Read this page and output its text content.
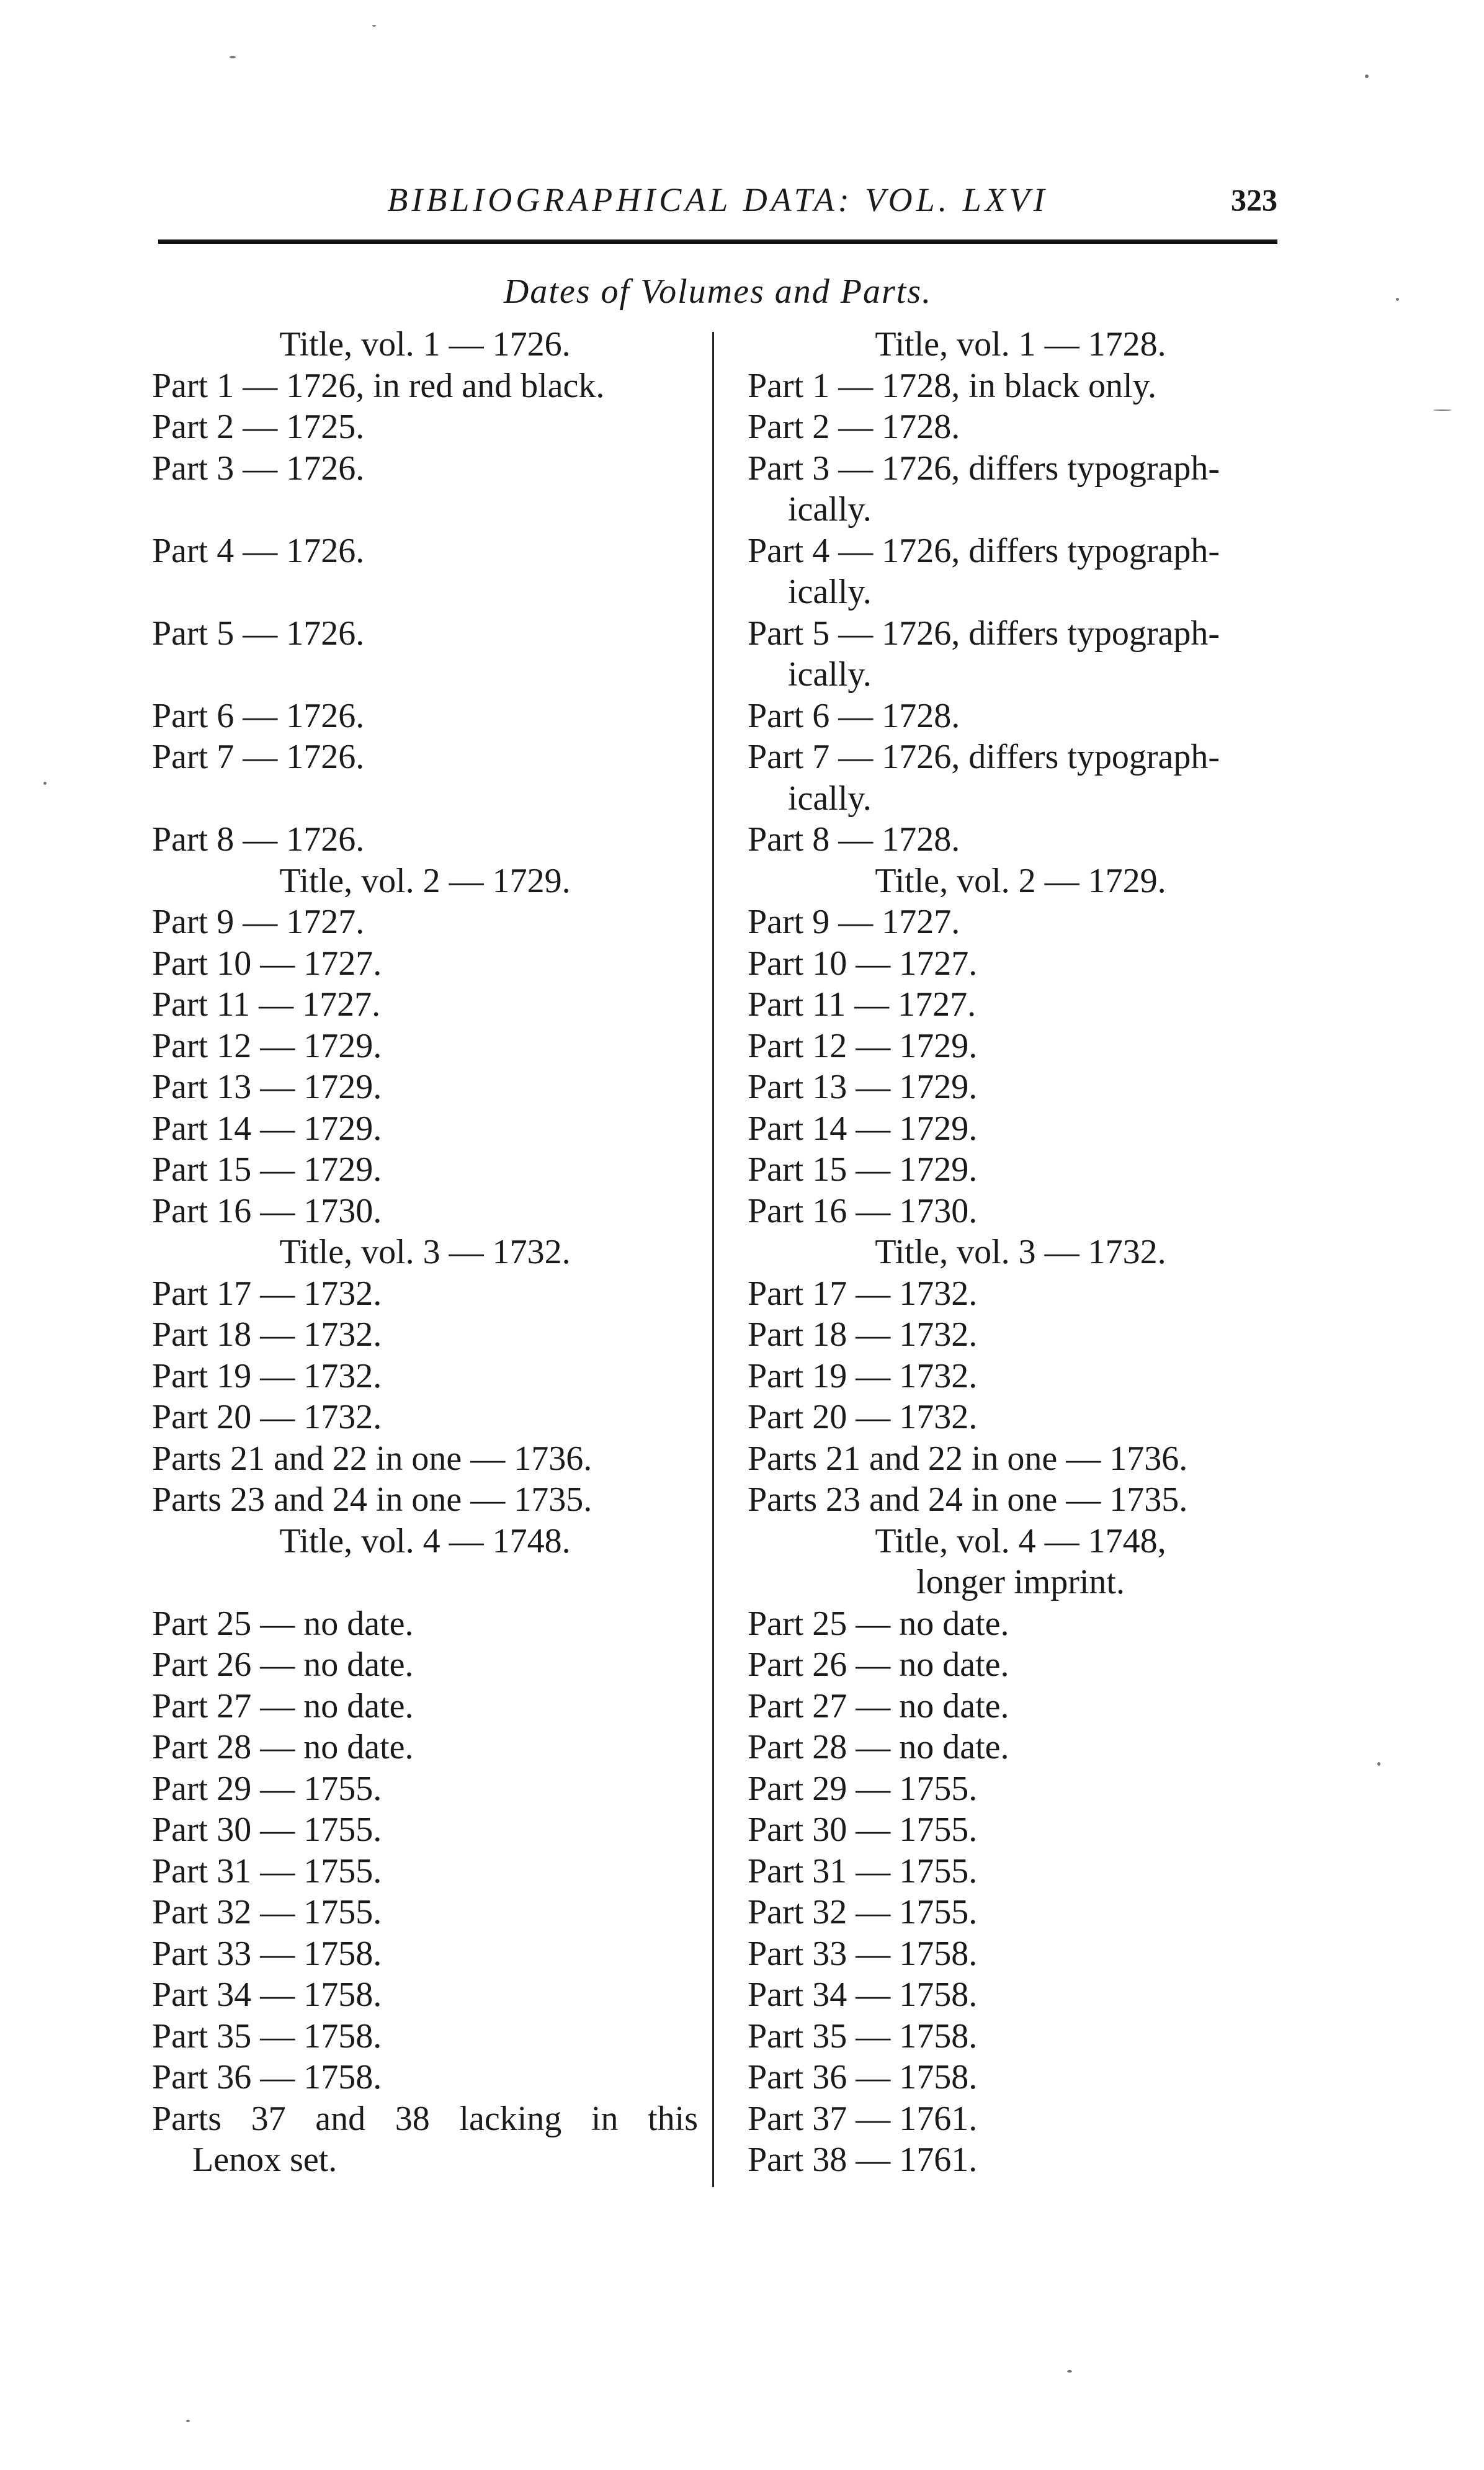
BIBLIOGRAPHICAL DATA: VOL. LXVI	323
Dates of Volumes and Parts.
Title, vol. 1 — 1726.
Part 1 — 1726, in red and black.
Part 2 — 1725.
Part 3 — 1726.
Part 4 — 1726.
Part 5 — 1726.
Part 6 — 1726.
Part 7 — 1726.
Part 8 — 1726.
Title, vol. 2 — 1729.
Part 9 — 1727.
Part 10 — 1727.
Part 11 — 1727.
Part 12 — 1729.
Part 13 — 1729.
Part 14 — 1729.
Part 15 — 1729.
Part 16 — 1730.
Title, vol. 3 — 1732.
Part 17 — 1732.
Part 18 — 1732.
Part 19 — 1732.
Part 20 — 1732.
Parts 21 and 22 in one — 1736.
Parts 23 and 24 in one — 1735.
Title, vol. 4 — 1748.
Part 25 — no date.
Part 26 — no date.
Part 27 — no date.
Part 28 — no date.
Part 29 — 1755.
Part 30 — 1755.
Part 31 — 1755.
Part 32 — 1755.
Part 33 — 1758.
Part 34 — 1758.
Part 35 — 1758.
Part 36 — 1758.
Parts 37 and 38 lacking in this
Lenox set.
Title, vol. 1 — 1728.
Part 1 — 1728, in black only.
Part 2 — 1728.
Part 3 — 1726, differs typograph-
ically.
Part 4 — 1726, differs typograph-
ically.
Part 5 — 1726, differs typograph-
ically.
Part 6 — 1728.
Part 7 — 1726, differs typograph-
ically.
Part 8 — 1728.
Title, vol. 2 — 1729.
Part 9 — 1727.
Part 10 — 1727.
Part 11 — 1727.
Part 12 — 1729.
Part 13 — 1729.
Part 14 — 1729.
Part 15 — 1729.
Part 16 — 1730.
Title, vol. 3 — 1732.
Part 17 — 1732.
Part 18 — 1732.
Part 19 — 1732.
Part 20 — 1732.
Parts 21 and 22 in one — 1736.
Parts 23 and 24 in one — 1735.
Title, vol. 4 — 1748,
longer imprint.
Part 25 — no date.
Part 26 — no date.
Part 27 — no date.
Part 28 — no date.
Part 29 — 1755.
Part 30 — 1755.
Part 31 — 1755.
Part 32 — 1755.
Part 33 — 1758.
Part 34 — 1758.
Part 35 — 1758.
Part 36 — 1758.
Part 37 — 1761.
Part 38 — 1761.
